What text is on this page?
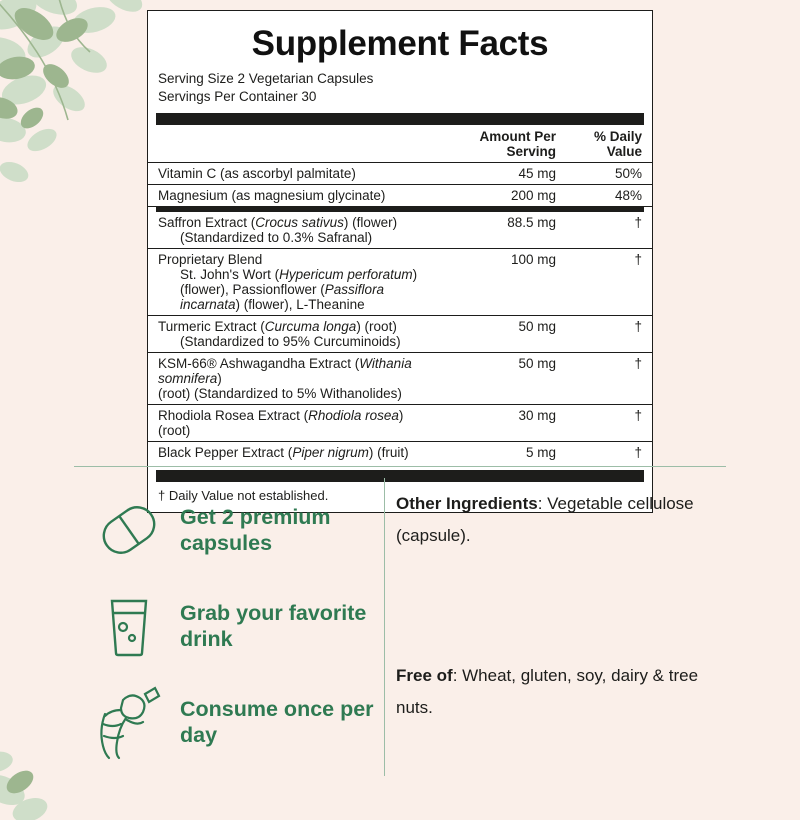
Supplement Facts
Serving Size 2 Vegetarian Capsules
Servings Per Container 30
	Amount Per Serving	% Daily Value
Vitamin C (as ascorbyl palmitate)	45 mg	50%
Magnesium (as magnesium glycinate)	200 mg	48%
Saffron Extract (Crocus sativus) (flower)
(Standardized to 0.3% Safranal)	88.5 mg	†
Proprietary Blend
St. John's Wort (Hypericum perforatum) (flower), Passionflower (Passiflora incarnata) (flower), L-Theanine	100 mg	†
Turmeric Extract (Curcuma longa) (root)
(Standardized to 95% Curcuminoids)	50 mg	†
KSM-66® Ashwagandha Extract (Withania somnifera)
(root) (Standardized to 5% Withanolides)	50 mg	†
Rhodiola Rosea Extract (Rhodiola rosea) (root)	30 mg	†
Black Pepper Extract (Piper nigrum) (fruit)	5 mg	†
† Daily Value not established.
Get 2 premium capsules
Grab your favorite drink
Consume once per day
Other Ingredients: Vegetable cellulose (capsule).
Free of: Wheat, gluten, soy, dairy & tree nuts.
